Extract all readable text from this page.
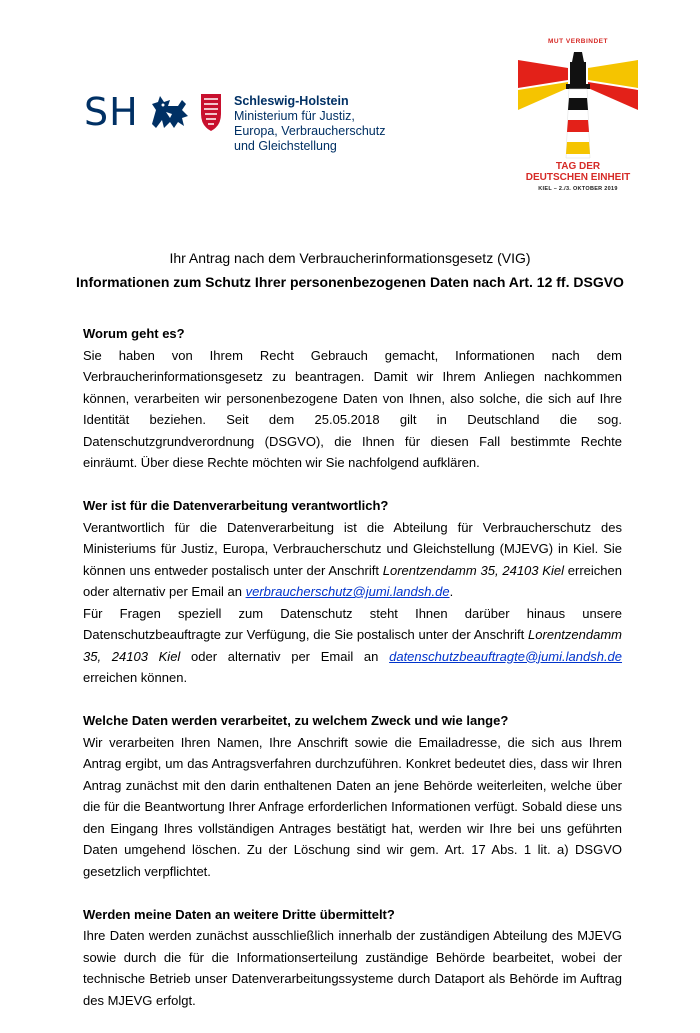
SH	Schleswig-Holstein
Ministerium für Justiz,
Europa, Verbraucherschutz
und Gleichstellung
MUT VERBINDET
TAG DER
DEUTSCHEN EINHEIT
KIEL – 2./3. OKTOBER 2019
Ihr Antrag nach dem Verbraucherinformationsgesetz (VIG)
Informationen zum Schutz Ihrer personenbezogenen Daten nach Art. 12 ff. DSGVO
Worum geht es?

Sie haben von Ihrem Recht Gebrauch gemacht, Informationen nach dem Verbraucherinformationsgesetz zu beantragen. Damit wir Ihrem Anliegen nachkommen können, verarbeiten wir personenbezogene Daten von Ihnen, also solche, die sich auf Ihre Identität beziehen. Seit dem 25.05.2018 gilt in Deutschland die sog. Datenschutzgrundverordnung (DSGVO), die Ihnen für diesen Fall bestimmte Rechte einräumt. Über diese Rechte möchten wir Sie nachfolgend aufklären.

Wer ist für die Datenverarbeitung verantwortlich?

Verantwortlich für die Datenverarbeitung ist die Abteilung für Verbraucherschutz des Ministeriums für Justiz, Europa, Verbraucherschutz und Gleichstellung (MJEVG) in Kiel. Sie können uns entweder postalisch unter der Anschrift Lorentzendamm 35, 24103 Kiel erreichen oder alternativ per Email an verbraucherschutz@jumi.landsh.de.

Für Fragen speziell zum Datenschutz steht Ihnen darüber hinaus unsere Datenschutzbeauftragte zur Verfügung, die Sie postalisch unter der Anschrift Lorentzendamm 35, 24103 Kiel oder alternativ per Email an datenschutzbeauftragte@jumi.landsh.de erreichen können.

Welche Daten werden verarbeitet, zu welchem Zweck und wie lange?

Wir verarbeiten Ihren Namen, Ihre Anschrift sowie die Emailadresse, die sich aus Ihrem Antrag ergibt, um das Antragsverfahren durchzuführen. Konkret bedeutet dies, dass wir Ihren Antrag zunächst mit den darin enthaltenen Daten an jene Behörde weiterleiten, welche über die für die Beantwortung Ihrer Anfrage erforderlichen Informationen verfügt. Sobald diese uns den Eingang Ihres vollständigen Antrages bestätigt hat, werden wir Ihre bei uns geführten Daten umgehend löschen. Zu der Löschung sind wir gem. Art. 17 Abs. 1 lit. a) DSGVO gesetzlich verpflichtet.

Werden meine Daten an weitere Dritte übermittelt?

Ihre Daten werden zunächst ausschließlich innerhalb der zuständigen Abteilung des MJEVG sowie durch die für die Informationserteilung zuständige Behörde bearbeitet, wobei der technische Betrieb unser Datenverarbeitungssysteme durch Dataport als Behörde im Auftrag des MJEVG erfolgt.
